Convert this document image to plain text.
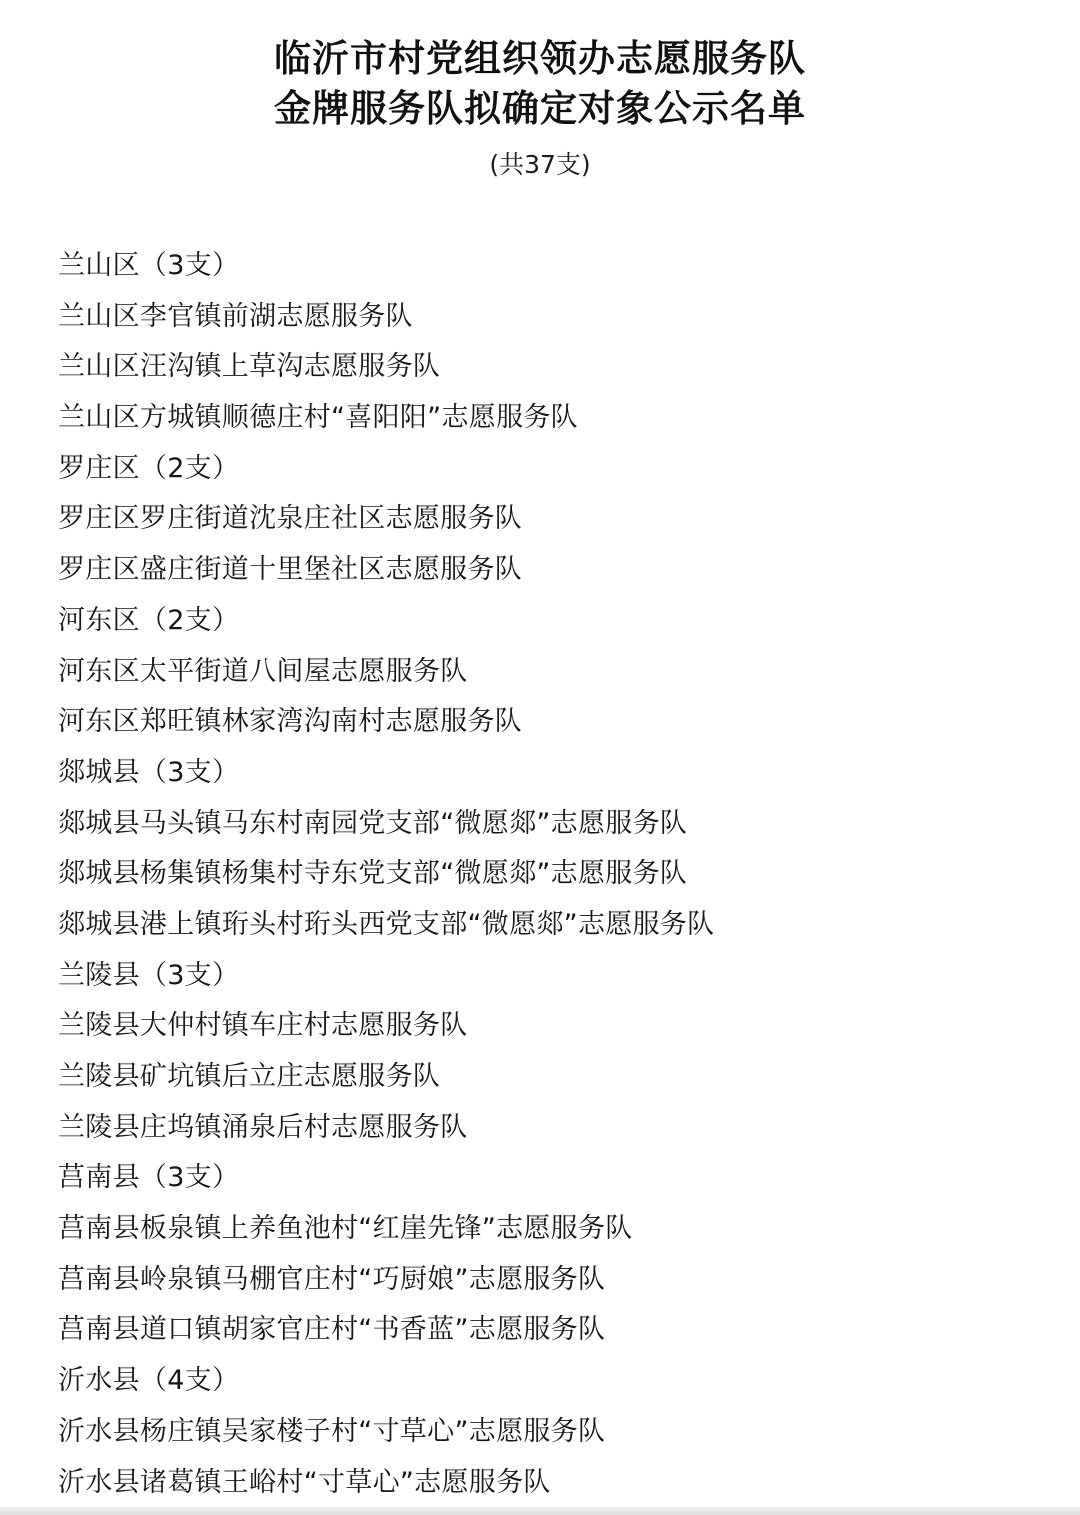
临沂市村党组织领办志愿服务队
金牌服务队拟确定对象公示名单
(共37支)
兰山区（3支）
兰山区李官镇前湖志愿服务队
兰山区汪沟镇上草沟志愿服务队
兰山区方城镇顺德庄村“喜阳阳”志愿服务队
罗庄区（2支）
罗庄区罗庄街道沈泉庄社区志愿服务队
罗庄区盛庄街道十里堡社区志愿服务队
河东区（2支）
河东区太平街道八间屋志愿服务队
河东区郑旺镇林家湾沟南村志愿服务队
郯城县（3支）
郯城县马头镇马东村南园党支部“微愿郯”志愿服务队
郯城县杨集镇杨集村寺东党支部“微愿郯”志愿服务队
郯城县港上镇珩头村珩头西党支部“微愿郯”志愿服务队
兰陵县（3支）
兰陵县大仲村镇车庄村志愿服务队
兰陵县矿坑镇后立庄志愿服务队
兰陵县庄坞镇涌泉后村志愿服务队
莒南县（3支）
莒南县板泉镇上养鱼池村“红崖先锋”志愿服务队
莒南县岭泉镇马棚官庄村“巧厨娘”志愿服务队
莒南县道口镇胡家官庄村“书香蓝”志愿服务队
沂水县（4支）
沂水县杨庄镇吴家楼子村“寸草心”志愿服务队
沂水县诸葛镇王峪村“寸草心”志愿服务队
